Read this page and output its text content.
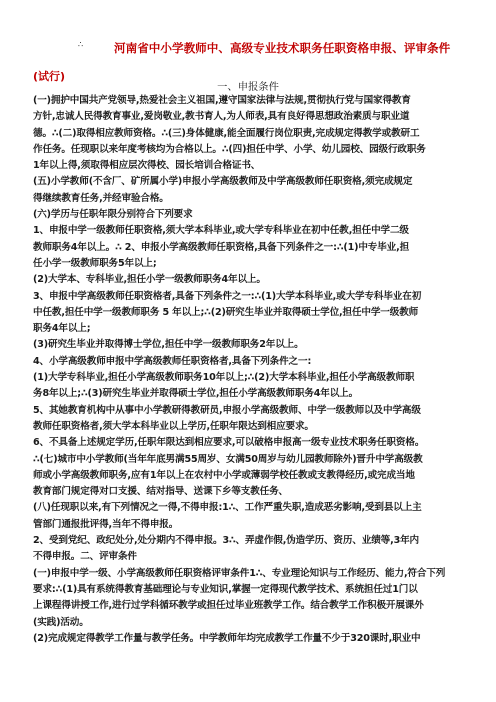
∴	河南省中小学教师中、高级专业技术职务任职资格申报、评审条件
(试行)
一、申报条件
(一)拥护中国共产党领导,热爱社会主义祖国,遵守国家法律与法规,贯彻执行党与国家得教育
方针,忠诚人民得教育事业,爱岗敬业,教书育人,为人师表,具有良好得思想政治素质与职业道
德。∴(二)取得相应教师资格。∴(三)身体健康,能全面履行岗位职责,完成规定得教学或教研工
作任务。任现职以来年度考核均为合格以上。∴(四)担任中学、小学、幼儿园校、园级行政职务
1年以上得,须取得相应层次得校、园长培训合格证书、
(五)小学教师(不含厂、矿所属小学)申报小学高级教师及中学高级教师任职资格,须完成规定
得继续教育任务,并经审验合格。
(六)学历与任职年限分别符合下列要求
1、申报中学一级教师任职资格,须大学本科毕业,或大学专科毕业在初中任教,担任中学二级
教师职务4年以上。∴ 2、申报小学高级教师任职资格,具备下列条件之一:∴(1)中专毕业,担
任小学一级教师职务5年以上;
(2)大学本、专科毕业,担任小学一级教师职务4年以上。
3、申报中学高级教师任职资格者,具备下列条件之一:∴(1)大学本科毕业,或大学专科毕业在初
中任教,担任中学一级教师职务 5 年以上;∴(2)研究生毕业并取得硕士学位,担任中学一级教师
职务4年以上;
(3)研究生毕业并取得博士学位,担任中学一级教师职务2年以上。
4、小学高级教师申报中学高级教师任职资格者,具备下列条件之一:
(1)大学专科毕业,担任小学高级教师职务10年以上;∴(2)大学本科毕业,担任小学高级教师职
务8年以上;∴(3)研究生毕业并取得硕士学位,担任小学高级教师职务4年以上。
5、其她教育机构中从事中小学教研得教研员,申报小学高级教师、中学一级教师以及中学高级
教师任职资格者,须大学本科毕业以上学历,任职年限达到相应要求。
6、不具备上述规定学历,任职年限达到相应要求,可以破格申报高一级专业技术职务任职资格。
∴(七)城市中小学教师(当年年底男满55周岁、女满50周岁与幼儿园教师除外)晋升中学高级教
师或小学高级教师职务,应有1年以上在农村中小学或薄弱学校任教或支教得经历,或完成当地
教育部门规定得对口支援、结对指导、送课下乡等支教任务、
(八)任现职以来,有下列情况之一得,不得申报:1∴、工作严重失职,造成恶劣影响,受到县以上主
管部门通报批评得,当年不得申报。
2、受到党纪、政纪处分,处分期内不得申报。3∴、弄虚作假,伪造学历、资历、业绩等,3年内
不得申报。二、评审条件
(一)申报中学一级、小学高级教师任职资格评审条件1∴、专业理论知识与工作经历、能力,符合下列
要求:∴(1)具有系统得教育基础理论与专业知识,掌握一定得现代教学技术、系统担任过1门以
上课程得讲授工作,进行过学科循环教学或担任过毕业班教学工作。结合教学工作积极开展课外
(实践)活动。
(2)完成规定得教学工作量与教学任务。中学教师年均完成教学工作量不少于320课时,职业中
